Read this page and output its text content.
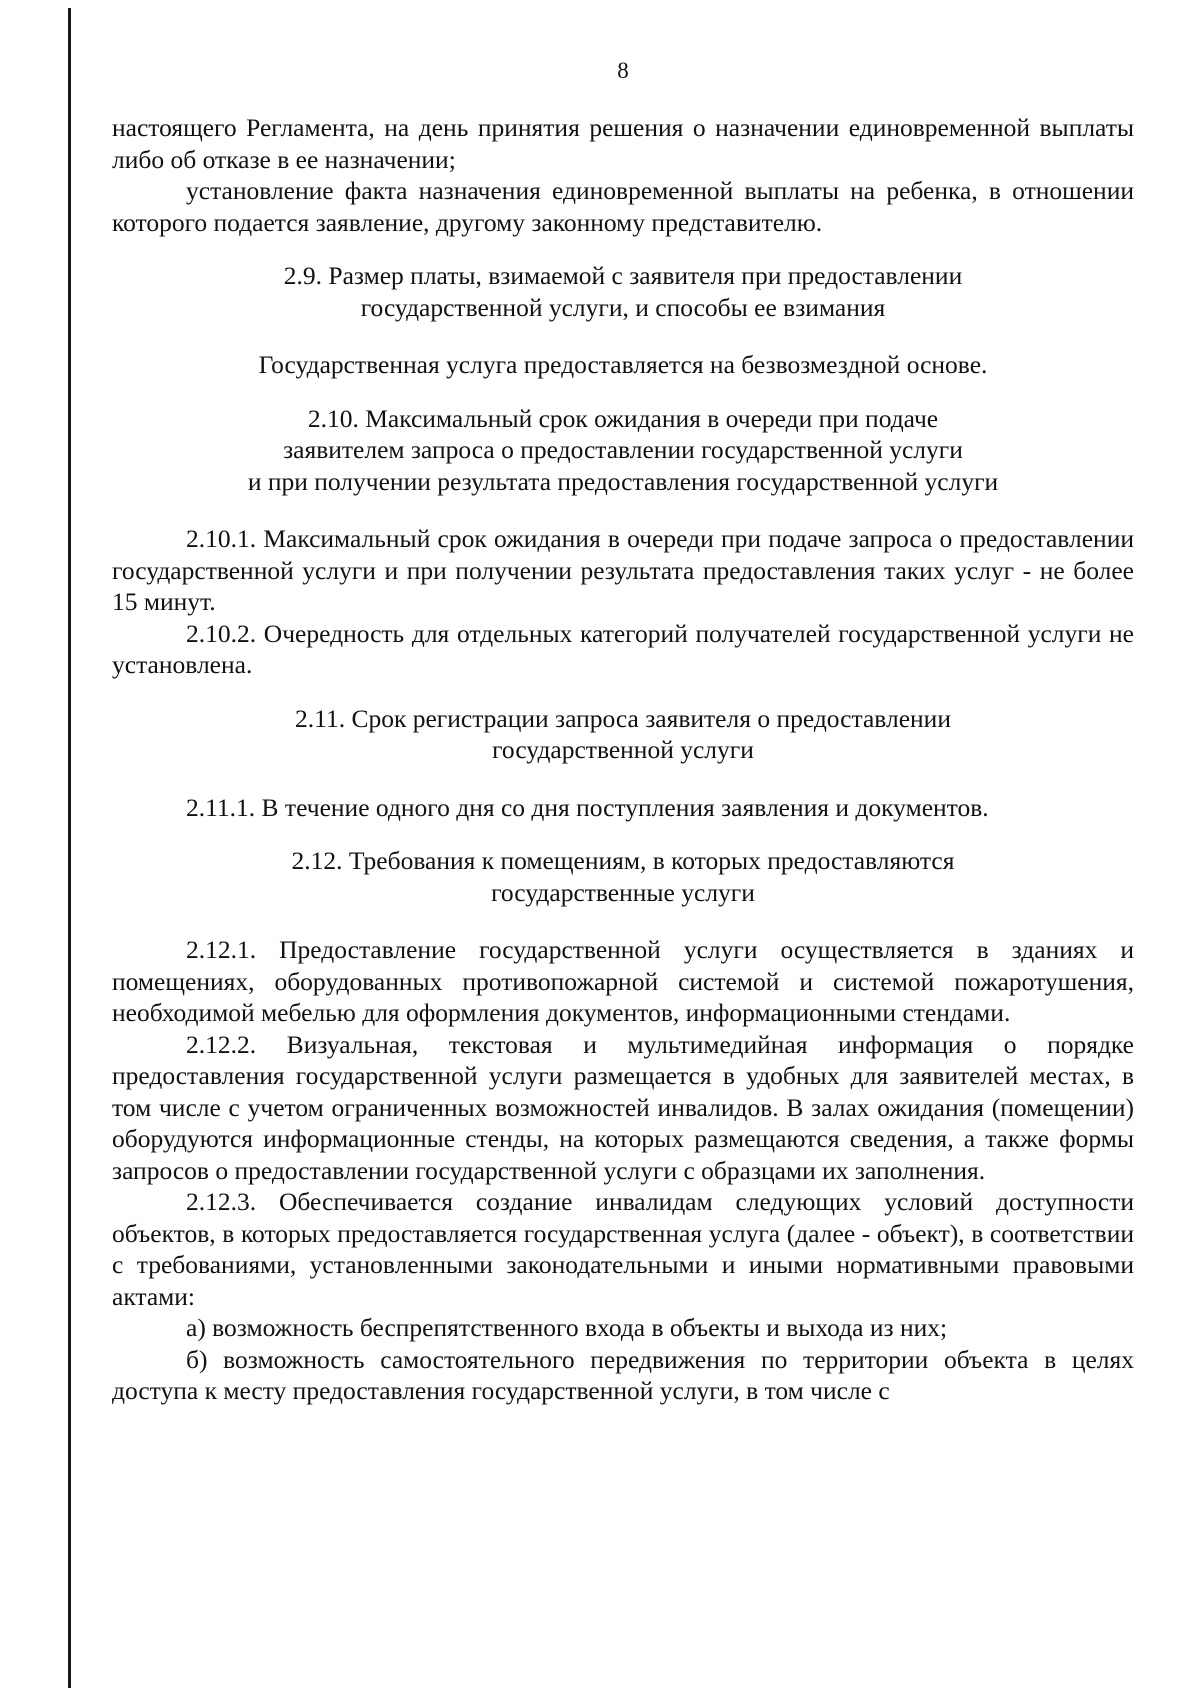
8

настоящего Регламента, на день принятия решения о назначении единовременной выплаты либо об отказе в ее назначении;

установление факта назначения единовременной выплаты на ребенка, в отношении которого подается заявление, другому законному представителю.

2.9. Размер платы, взимаемой с заявителя при предоставлении
государственной услуги, и способы ее взимания

Государственная услуга предоставляется на безвозмездной основе.

2.10. Максимальный срок ожидания в очереди при подаче
заявителем запроса о предоставлении государственной услуги
и при получении результата предоставления государственной услуги

2.10.1. Максимальный срок ожидания в очереди при подаче запроса о предоставлении государственной услуги и при получении результата предоставления таких услуг - не более 15 минут.

2.10.2. Очередность для отдельных категорий получателей государственной услуги не установлена.

2.11. Срок регистрации запроса заявителя о предоставлении
государственной услуги

2.11.1. В течение одного дня со дня поступления заявления и документов.

2.12. Требования к помещениям, в которых предоставляются
государственные услуги

2.12.1. Предоставление государственной услуги осуществляется в зданиях и помещениях, оборудованных противопожарной системой и системой пожаротушения, необходимой мебелью для оформления документов, информационными стендами.

2.12.2. Визуальная, текстовая и мультимедийная информация о порядке предоставления государственной услуги размещается в удобных для заявителей местах, в том числе с учетом ограниченных возможностей инвалидов. В залах ожидания (помещении) оборудуются информационные стенды, на которых размещаются сведения, а также формы запросов о предоставлении государственной услуги с образцами их заполнения.

2.12.3. Обеспечивается создание инвалидам следующих условий доступности объектов, в которых предоставляется государственная услуга (далее - объект), в соответствии с требованиями, установленными законодательными и иными нормативными правовыми актами:

а) возможность беспрепятственного входа в объекты и выхода из них;

б) возможность самостоятельного передвижения по территории объекта в целях доступа к месту предоставления государственной услуги, в том числе с
